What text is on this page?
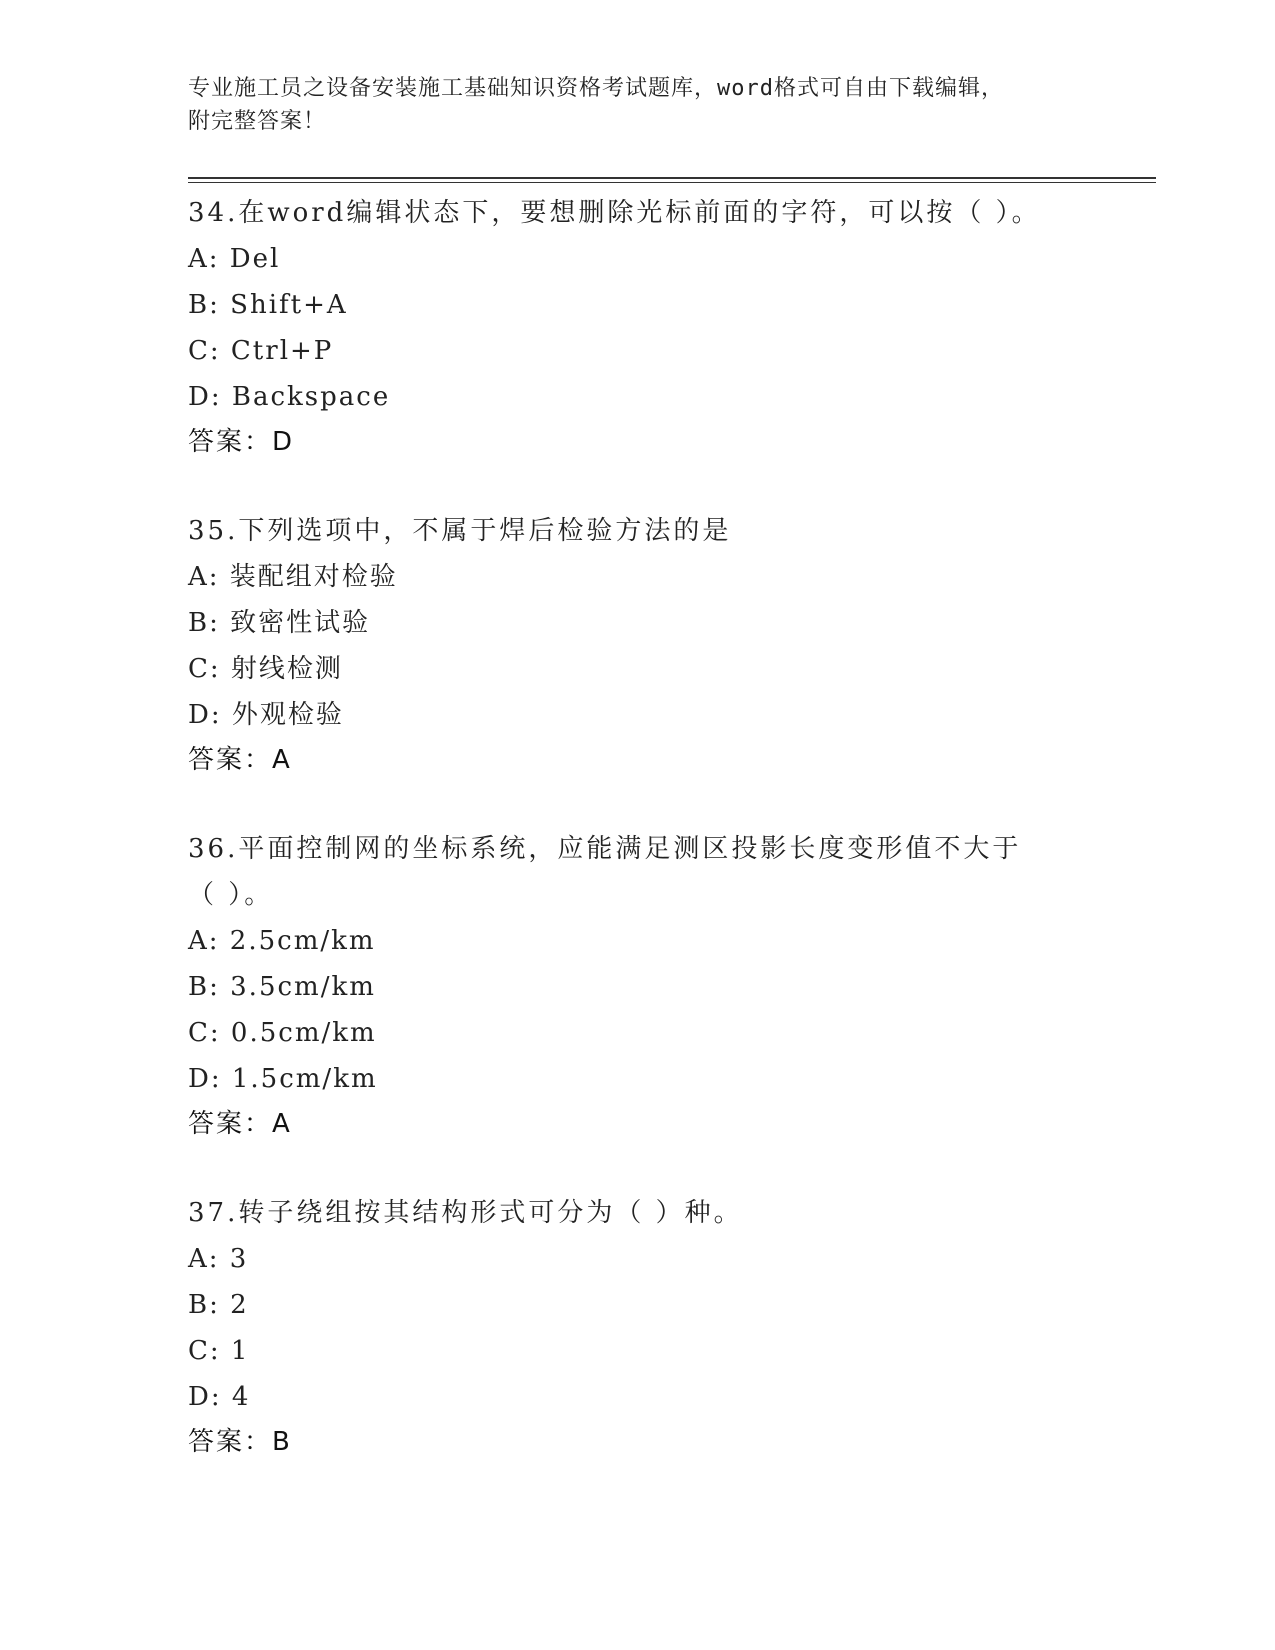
专业施工员之设备安装施工基础知识资格考试题库，word格式可自由下载编辑，
附完整答案！

34.在word编辑状态下，要想删除光标前面的字符，可以按（ ）。

A: Del

B: Shift+A

C: Ctrl+P

D: Backspace

答案：D

35.下列选项中，不属于焊后检验方法的是

A: 装配组对检验

B: 致密性试验

C: 射线检测

D: 外观检验

答案：A

36.平面控制网的坐标系统，应能满足测区投影长度变形值不大于（ ）。

A: 2.5cm/km

B: 3.5cm/km

C: 0.5cm/km

D: 1.5cm/km

答案：A

37.转子绕组按其结构形式可分为（ ）种。

A: 3

B: 2

C: 1

D: 4

答案：B
